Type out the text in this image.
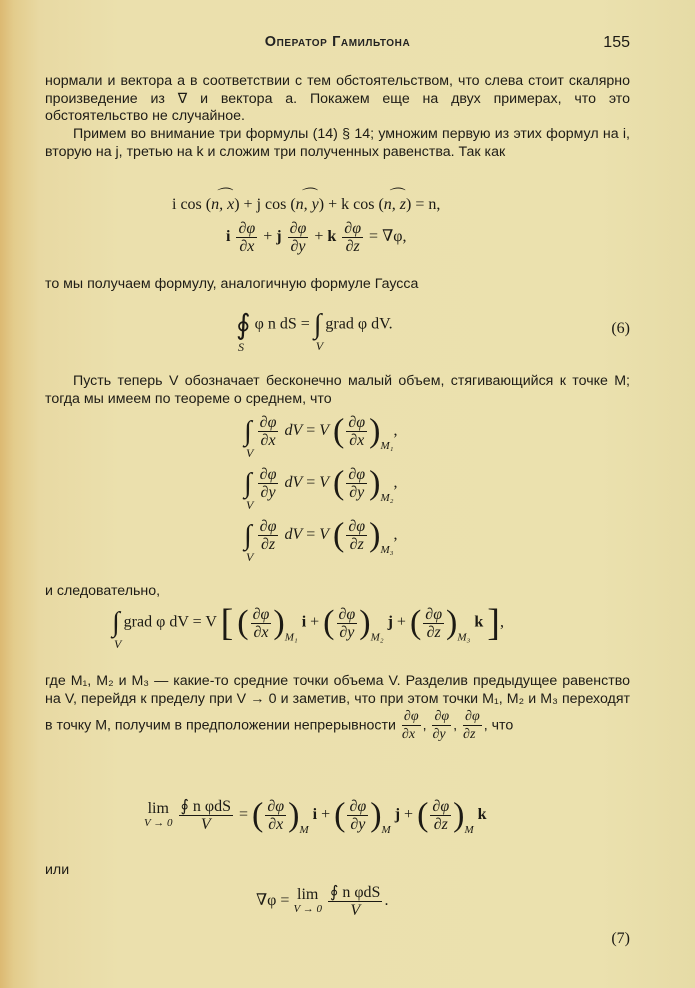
Оператор Гамильтона	155
нормали и вектора a в соответствии с тем обстоятельством, что слева стоит скалярно произведение из ∇ и вектора a. Покажем еще на двух примерах, что это обстоятельство не случайное.
Примем во внимание три формулы (14) § 14; умножим первую из этих формул на i, вторую на j, третью на k и сложим три полученных равенства. Так как
i cos (⌒ n, x) + j cos (⌒ n, y) + k cos (⌒ n, z) = n,
i $\frac{\partial\varphi}{\partial x} + j \frac{\partial\varphi}{\partial y} + k \frac{\partial\varphi}{\partial z} = \nabla\varphi$,
то мы получаем формулу, аналогичную формуле Гаусса
∮
S
φ n dS = ∫
V
grad φ dV.	(6)
Пусть теперь V обозначает бесконечно малый объем, стягивающийся к точке M; тогда мы имеем по теореме о среднем, что
∫
V

$\frac{\partial\varphi}{\partial x}$ dV = V ( $\frac{\partial\varphi}{\partial x} )_{M_1}$,
∫
V

$\frac{\partial\varphi}{\partial y}$ dV = V ( $\frac{\partial\varphi}{\partial y} )_{M_2}$,
∫
V

$\frac{\partial\varphi}{\partial z}$ dV = V ( $\frac{\partial\varphi}{\partial z} )_{M_3}$,
и следовательно,
∫
V
grad φ dV = V [ ( $\frac{\partial\varphi}{\partial x} )_{M_1}$ i + ( $\frac{\partial\varphi}{\partial y} )_{M_2}$ j + ( $\frac{\partial\varphi}{\partial z} )_{M_3}$ k ],
где M₁, M₂ и M₃ — какие-то средние точки объема V. Разделив предыдущее равенство на V, перейдя к пределу при V → 0 и заметив, что при этом точки M₁, M₂ и M₃ переходят в точку M, получим в предположении непрерывности $\frac{\partial\varphi}{\partial x}$ , $\frac{\partial\varphi}{\partial y}$ , $\frac{\partial\varphi}{\partial z}$ , что
lim
V → 0
$\frac{\text{∮ n φdS}}{V}$ = ( $\frac{\partial\varphi}{\partial x} )_M$ i + ( $\frac{\partial\varphi}{\partial y} )_M$ j + ( $\frac{\partial\varphi}{\partial z} )_M$ k
или
∇φ = lim
V → 0
$\frac{\text{∮ n φdS}}{V}$ .
(7)
